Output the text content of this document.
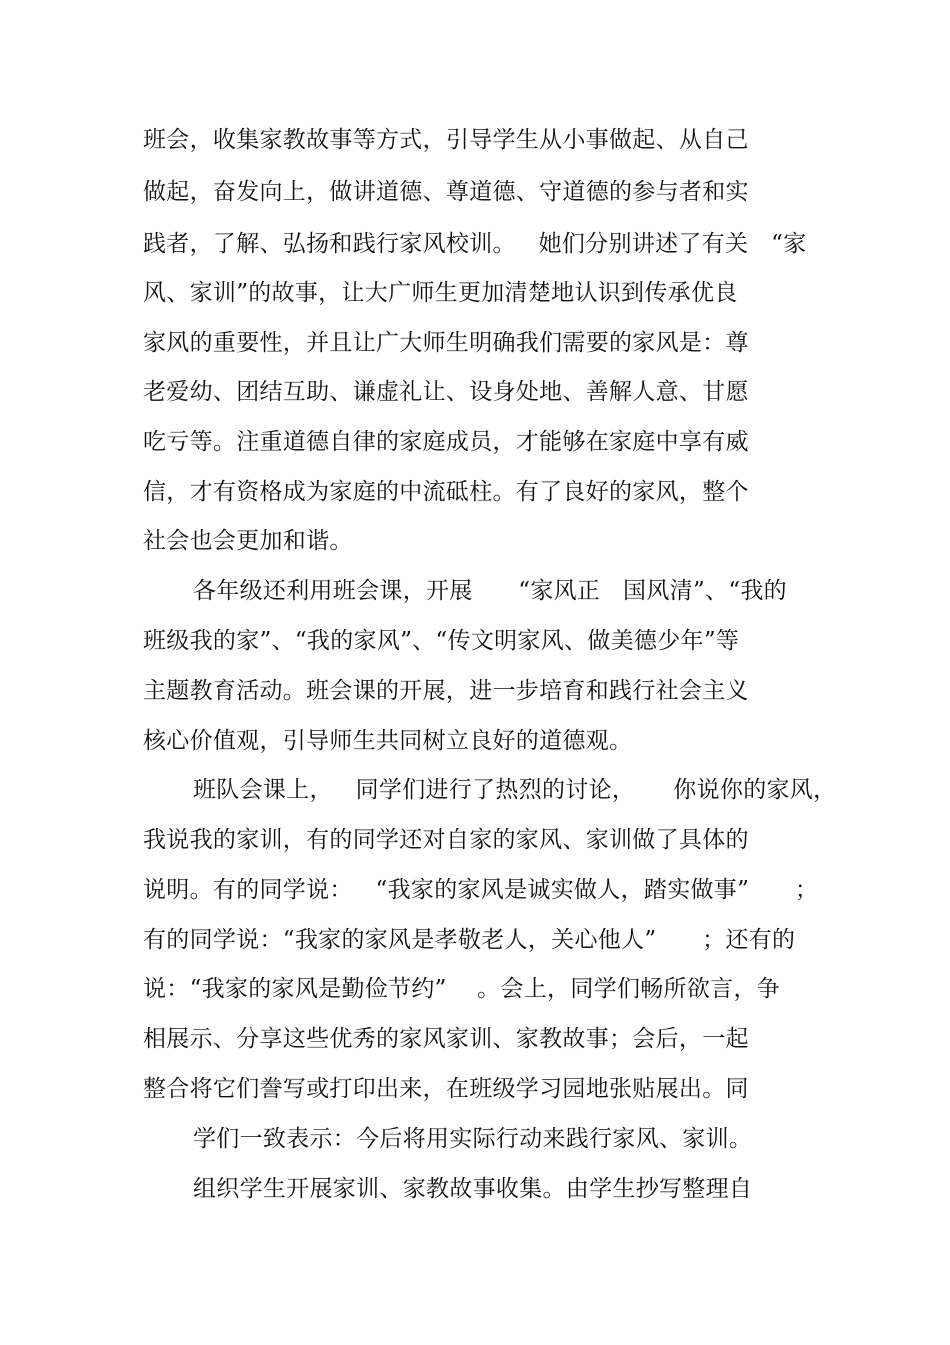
班会，收集家教故事等方式，引导学生从小事做起、从自己
做起，奋发向上，做讲道德、尊道德、守道德的参与者和实
践者，了解、弘扬和践行家风校训。   她们分别讲述了有关   “家
风、家训”的故事，让大广师生更加清楚地认识到传承优良
家风的重要性，并且让广大师生明确我们需要的家风是：尊
老爱幼、团结互助、谦虚礼让、设身处地、善解人意、甘愿
吃亏等。注重道德自律的家庭成员，才能够在家庭中享有威
信，才有资格成为家庭的中流砥柱。有了良好的家风，整个
社会也会更加和谐。
各年级还利用班会课，开展      “家风正   国风清”、“我的
班级我的家”、“我的家风”、“传文明家风、做美德少年”等
主题教育活动。班会课的开展，进一步培育和践行社会主义
核心价值观，引导师生共同树立良好的道德观。
班队会课上，   同学们进行了热烈的讨论，     你说你的家风，
我说我的家训，有的同学还对自家的家风、家训做了具体的
说明。有的同学说：   “我家的家风是诚实做人，踏实做事”      ；
有的同学说：“我家的家风是孝敬老人，关心他人”      ；还有的
说：“我家的家风是勤俭节约”    。会上，同学们畅所欲言，争
相展示、分享这些优秀的家风家训、家教故事；会后，一起
整合将它们誊写或打印出来，在班级学习园地张贴展出。同
学们一致表示：今后将用实际行动来践行家风、家训。
组织学生开展家训、家教故事收集。由学生抄写整理自
